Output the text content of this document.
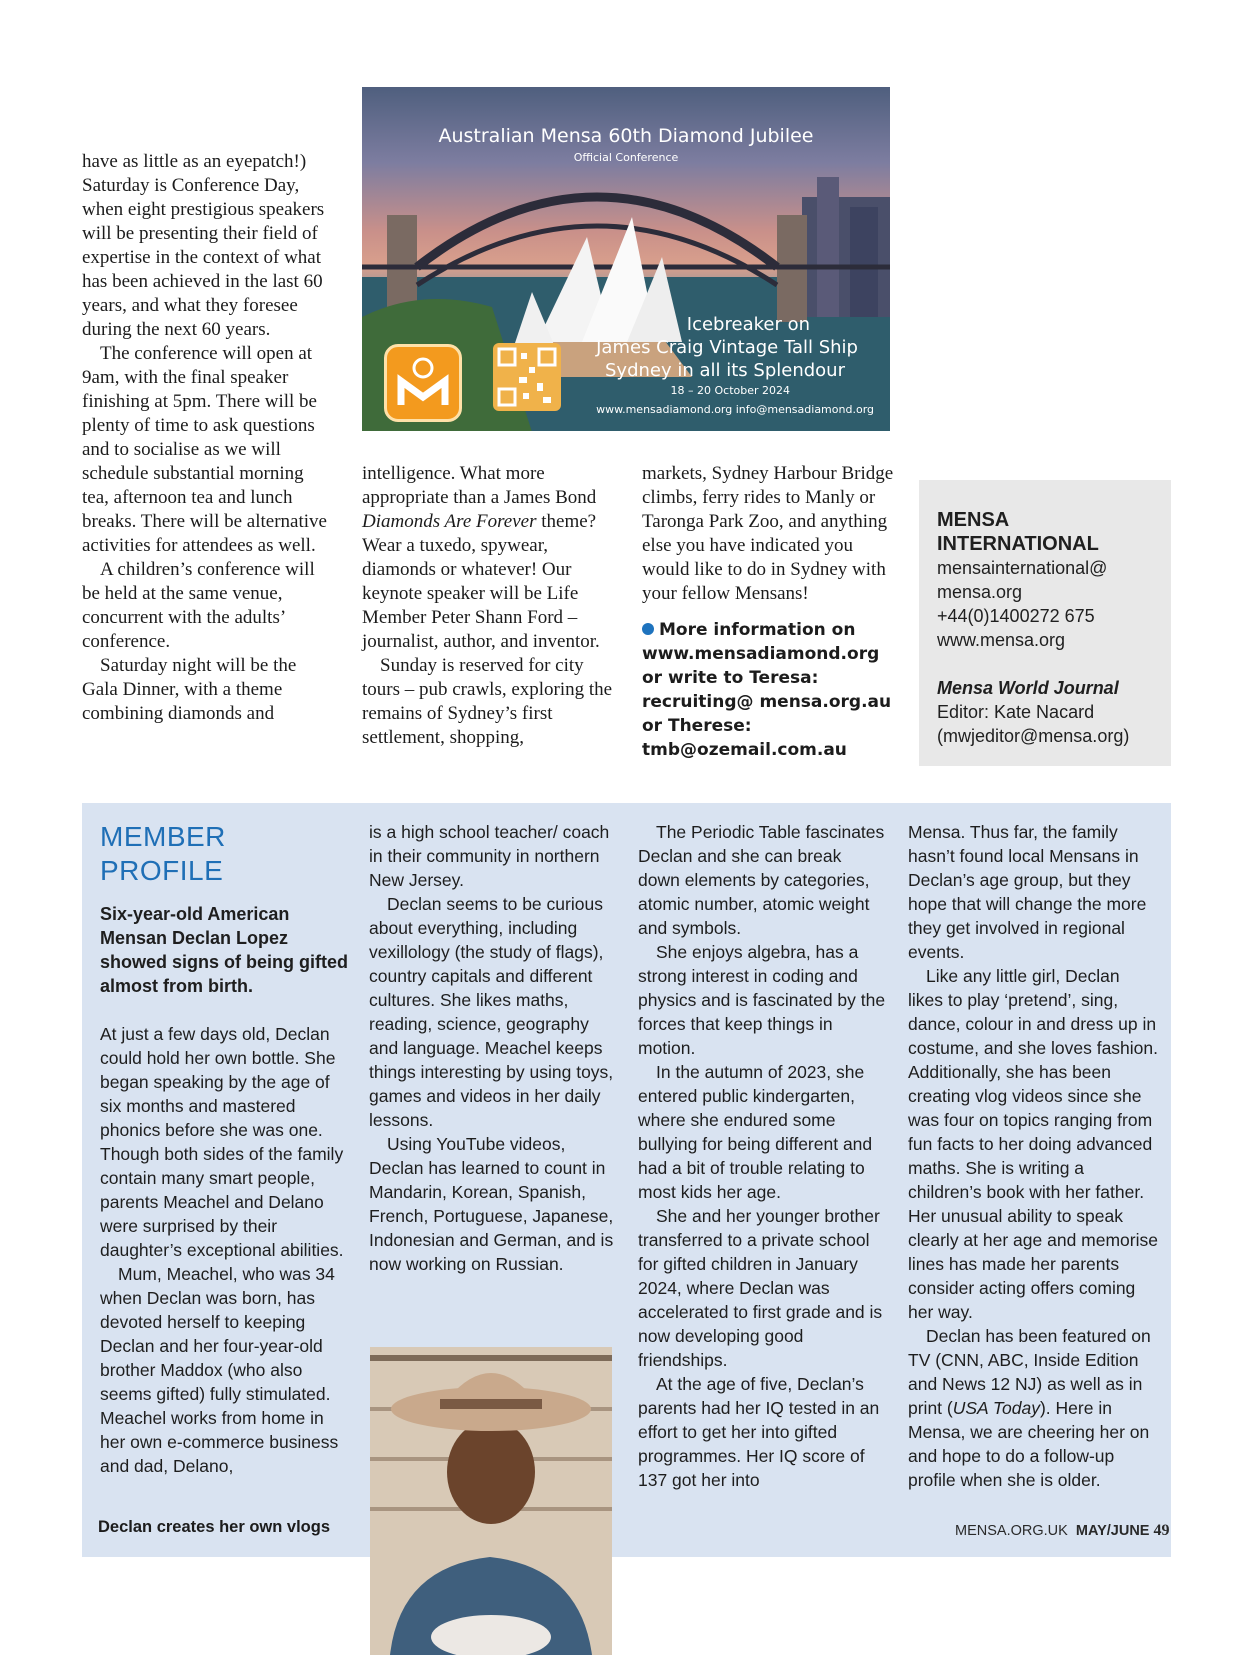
have as little as an eyepatch!) Saturday is Conference Day, when eight prestigious speakers will be presenting their field of expertise in the context of what has been achieved in the last 60 years, and what they foresee during the next 60 years.

The conference will open at 9am, with the final speaker finishing at 5pm. There will be plenty of time to ask questions and to socialise as we will schedule substantial morning tea, afternoon tea and lunch breaks. There will be alternative activities for attendees as well.

A children’s conference will be held at the same venue, concurrent with the adults’ conference.

Saturday night will be the Gala Dinner, with a theme combining diamonds and

Australian Mensa 60th Diamond Jubilee
Official Conference
Icebreaker on
James Craig Vintage Tall Ship
Sydney in all its Splendour
18 – 20 October 2024
www.mensadiamond.org info@mensadiamond.org

intelligence. What more appropriate than a James Bond Diamonds Are Forever theme? Wear a tuxedo, spywear, diamonds or whatever! Our keynote speaker will be Life Member Peter Shann Ford – journalist, author, and inventor.

Sunday is reserved for city tours – pub crawls, exploring the remains of Sydney’s first settlement, shopping,

markets, Sydney Harbour Bridge climbs, ferry rides to Manly or Taronga Park Zoo, and anything else you have indicated you would like to do in Sydney with your fellow Mensans!

More information on www.mensadiamond.org or write to Teresa: recruiting@ mensa.org.au or Therese: tmb@ozemail.com.au

MENSA INTERNATIONAL
mensainternational@ mensa.org
+44(0)1400272 675
www.mensa.org
Mensa World Journal
Editor: Kate Nacard
(mwjeditor@mensa.org)

MEMBER PROFILE

Six-year-old American Mensan Declan Lopez showed signs of being gifted almost from birth.

At just a few days old, Declan could hold her own bottle. She began speaking by the age of six months and mastered phonics before she was one. Though both sides of the family contain many smart people, parents Meachel and Delano were surprised by their daughter’s exceptional abilities.

Mum, Meachel, who was 34 when Declan was born, has devoted herself to keeping Declan and her four-year-old brother Maddox (who also seems gifted) fully stimulated. Meachel works from home in her own e-commerce business and dad, Delano,

Declan creates her own vlogs

is a high school teacher/ coach in their community in northern New Jersey.

Declan seems to be curious about everything, including vexillology (the study of flags), country capitals and different cultures. She likes maths, reading, science, geography and language. Meachel keeps things interesting by using toys, games and videos in her daily lessons.

Using YouTube videos, Declan has learned to count in Mandarin, Korean, Spanish, French, Portuguese, Japanese, Indonesian and German, and is now working on Russian.

The Periodic Table fascinates Declan and she can break down elements by categories, atomic number, atomic weight and symbols.

She enjoys algebra, has a strong interest in coding and physics and is fascinated by the forces that keep things in motion.

In the autumn of 2023, she entered public kindergarten, where she endured some bullying for being different and had a bit of trouble relating to most kids her age.

She and her younger brother transferred to a private school for gifted children in January 2024, where Declan was accelerated to first grade and is now developing good friendships.

At the age of five, Declan’s parents had her IQ tested in an effort to get her into gifted programmes. Her IQ score of 137 got her into

Mensa. Thus far, the family hasn’t found local Mensans in Declan’s age group, but they hope that will change the more they get involved in regional events.

Like any little girl, Declan likes to play ‘pretend’, sing, dance, colour in and dress up in costume, and she loves fashion. Additionally, she has been creating vlog videos since she was four on topics ranging from fun facts to her doing advanced maths. She is writing a children’s book with her father. Her unusual ability to speak clearly at her age and memorise lines has made her parents consider acting offers coming her way.

Declan has been featured on TV (CNN, ABC, Inside Edition and News 12 NJ) as well as in print (USA Today). Here in Mensa, we are cheering her on and hope to do a follow-up profile when she is older.

MENSA.ORG.UK MAY/JUNE 49
